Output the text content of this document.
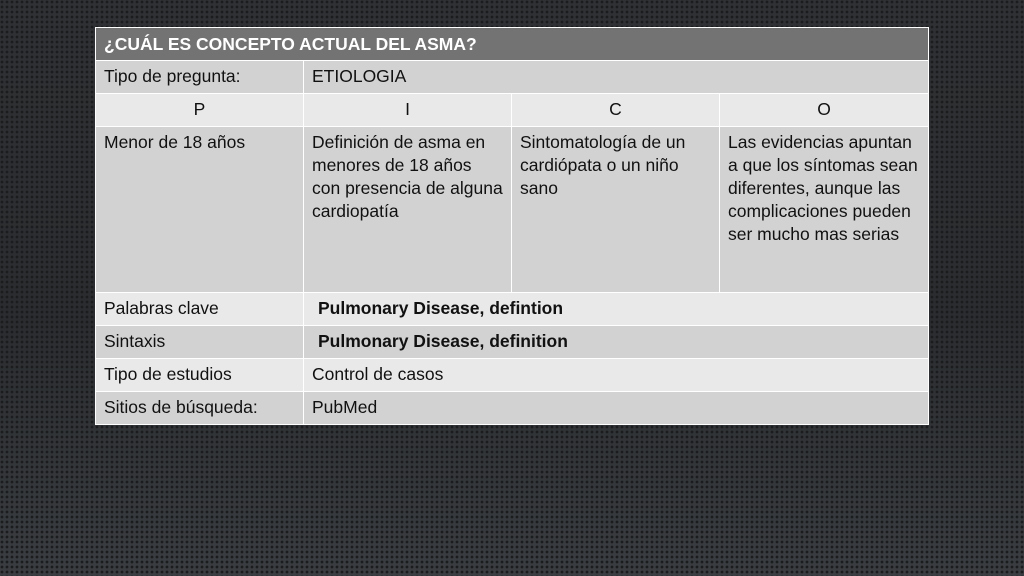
¿CUÁL ES CONCEPTO ACTUAL DEL ASMA?			
Tipo de pregunta:	ETIOLOGIA		
P	I	C	O
Menor de 18 años	Definición de asma en menores de 18 años con presencia de alguna cardiopatía	Sintomatología de un cardiópata o un niño sano	Las evidencias apuntan a que los síntomas sean diferentes, aunque las complicaciones pueden ser mucho mas serias
Palabras clave	Pulmonary Disease, defintion		
Sintaxis	Pulmonary Disease, definition		
Tipo de estudios	Control de casos		
Sitios de búsqueda:	PubMed		
